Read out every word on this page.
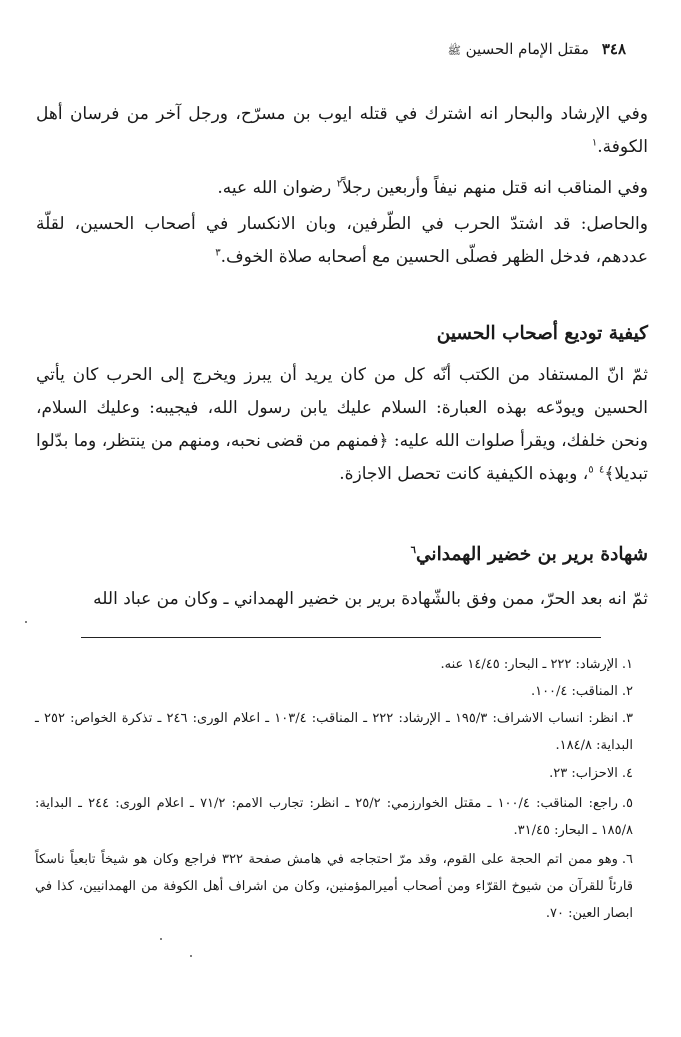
٣٤٨ مقتل الإمام الحسين ﷺ
وفي الإرشاد والبحار انه اشترك في قتله ايوب بن مسرّح، ورجل آخر من فرسان أهل الكوفة.$^١$
وفي المناقب انه قتل منهم نيفاً وأربعين رجلاً$^٢$ رضوان الله عيه.
والحاصل: قد اشتدّ الحرب في الطّرفين، وبان الانكسار في أصحاب الحسين، لقلّة عددهم، فدخل الظهر فصلّى الحسين مع أصحابه صلاة الخوف.$^٣$
كيفية توديع أصحاب الحسين
ثمّ انّ المستفاد من الكتب أنّه كل من كان يريد أن يبرز ويخرج إلى الحرب كان يأتي الحسين ويودّعه بهذه العبارة: السلام عليك يابن رسول الله، فيجيبه: وعليك السلام، ونحن خلفك، ويقرأ صلوات الله عليه: ﴿فمنهم من قضى نحبه، ومنهم من ينتظر، وما بدّلوا تبديلا﴾$^٤$ $^٥$، وبهذه الكيفية كانت تحصل الاجازة.
شهادة برير بن خضير الهمداني$^٦$
ثمّ انه بعد الحرّ، ممن وفق بالشّهادة برير بن خضير الهمداني ـ وكان من عباد الله
١.الإرشاد: ٢٢٢ ـ البحار: ١٤/٤٥ عنه.
٢.المناقب: ١٠٠/٤.
٣.انظر: انساب الاشراف: ١٩٥/٣ ـ الإرشاد: ٢٢٢ ـ المناقب: ١٠٣/٤ ـ اعلام الورى: ٢٤٦ ـ تذكرة الخواص: ٢٥٢ ـ البداية: ١٨٤/٨.
٤.الاحزاب: ٢٣.
٥.راجع: المناقب: ١٠٠/٤ ـ مقتل الخوارزمي: ٢٥/٢ ـ انظر: تجارب الامم: ٧١/٢ ـ اعلام الورى: ٢٤٤ ـ البداية: ١٨٥/٨ ـ البحار: ٣١/٤٥.
٦.وهو ممن اتم الحجة على القوم، وقد مرّ احتجاجه في هامش صفحة ٣٢٢ فراجع وكان هو شيخاً تابعياً ناسكاً قارئاً للقرآن من شيوخ القرّاء ومن أصحاب أميرالمؤمنين، وكان من اشراف أهل الكوفة من الهمدانيين، كذا في ابصار العين: ٧٠.
